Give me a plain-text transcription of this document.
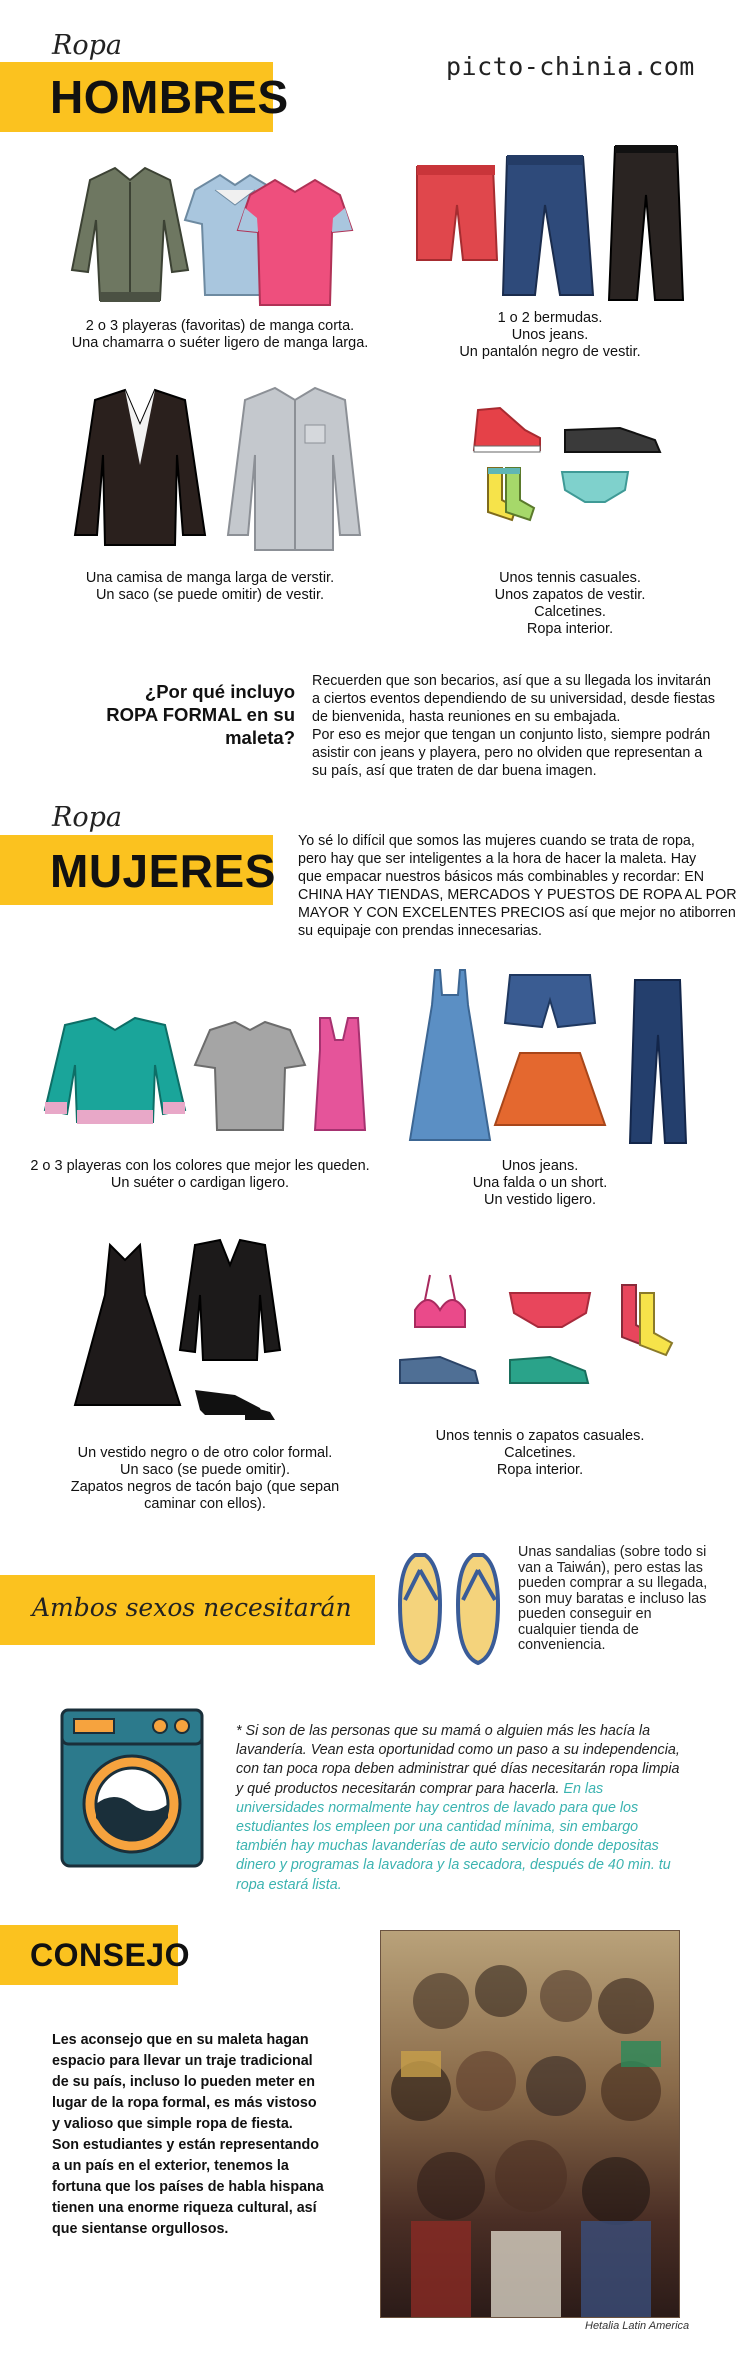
Ropa
HOMBRES
picto-chinia.com
2 o 3 playeras (favoritas) de manga corta.
Una chamarra o suéter ligero de manga larga.
1 o 2 bermudas.
Unos jeans.
Un pantalón negro de vestir.
Una camisa de manga larga de verstir.
Un saco (se puede omitir) de vestir.
Unos tennis casuales.
Unos zapatos de vestir.
Calcetines.
Ropa interior.
¿Por qué incluyo
ROPA FORMAL en su maleta?
Recuerden que son becarios, así que a su llegada los invitarán
a ciertos eventos dependiendo de su universidad, desde fiestas
de bienvenida, hasta reuniones en su embajada.
Por eso es mejor que tengan un conjunto listo, siempre podrán
asistir con jeans y playera, pero no olviden que representan a
su país, así que traten de dar buena imagen.
Ropa
MUJERES
Yo sé lo difícil que somos las mujeres cuando se trata de ropa,
pero hay que ser inteligentes a la hora de hacer la maleta. Hay
que empacar nuestros básicos más combinables y recordar: EN
CHINA HAY TIENDAS, MERCADOS Y PUESTOS DE ROPA AL POR
MAYOR Y CON EXCELENTES PRECIOS así que mejor no atiborren
su equipaje con prendas innecesarias.
2 o 3 playeras con los colores que mejor les queden.
Un suéter o cardigan ligero.
Unos jeans.
Una falda o un short.
Un vestido ligero.
Un vestido negro o de otro color formal.
Un saco (se puede omitir).
Zapatos negros de tacón bajo (que sepan
caminar con ellos).
Unos tennis o zapatos casuales.
Calcetines.
Ropa interior.
Ambos sexos necesitarán
Unas sandalias (sobre todo si
van a Taiwán), pero estas las
pueden comprar a su llegada,
son muy baratas e incluso las
pueden conseguir en
cualquier tienda de
conveniencia.
* Si son de las personas que su mamá o alguien más les hacía la
lavandería. Vean esta oportunidad como un paso a su independencia,
con tan poca ropa deben administrar qué días necesitarán ropa limpia
y qué productos necesitarán comprar para hacerla. En las
universidades normalmente hay centros de lavado para que los
estudiantes los empleen por una cantidad mínima, sin embargo
también hay muchas lavanderías de auto servicio donde depositas
dinero y programas la lavadora y la secadora, después de 40 min. tu
ropa estará lista.
CONSEJO
Les aconsejo que en su maleta hagan
espacio para llevar un traje tradicional
de su país, incluso lo pueden meter en
lugar de la ropa formal, es más vistoso
y valioso que simple ropa de fiesta.
Son estudiantes y están representando
a un país en el exterior, tenemos la
fortuna que los países de habla hispana
tienen una enorme riqueza cultural, así
que sientanse orgullosos.
Hetalia Latin America
